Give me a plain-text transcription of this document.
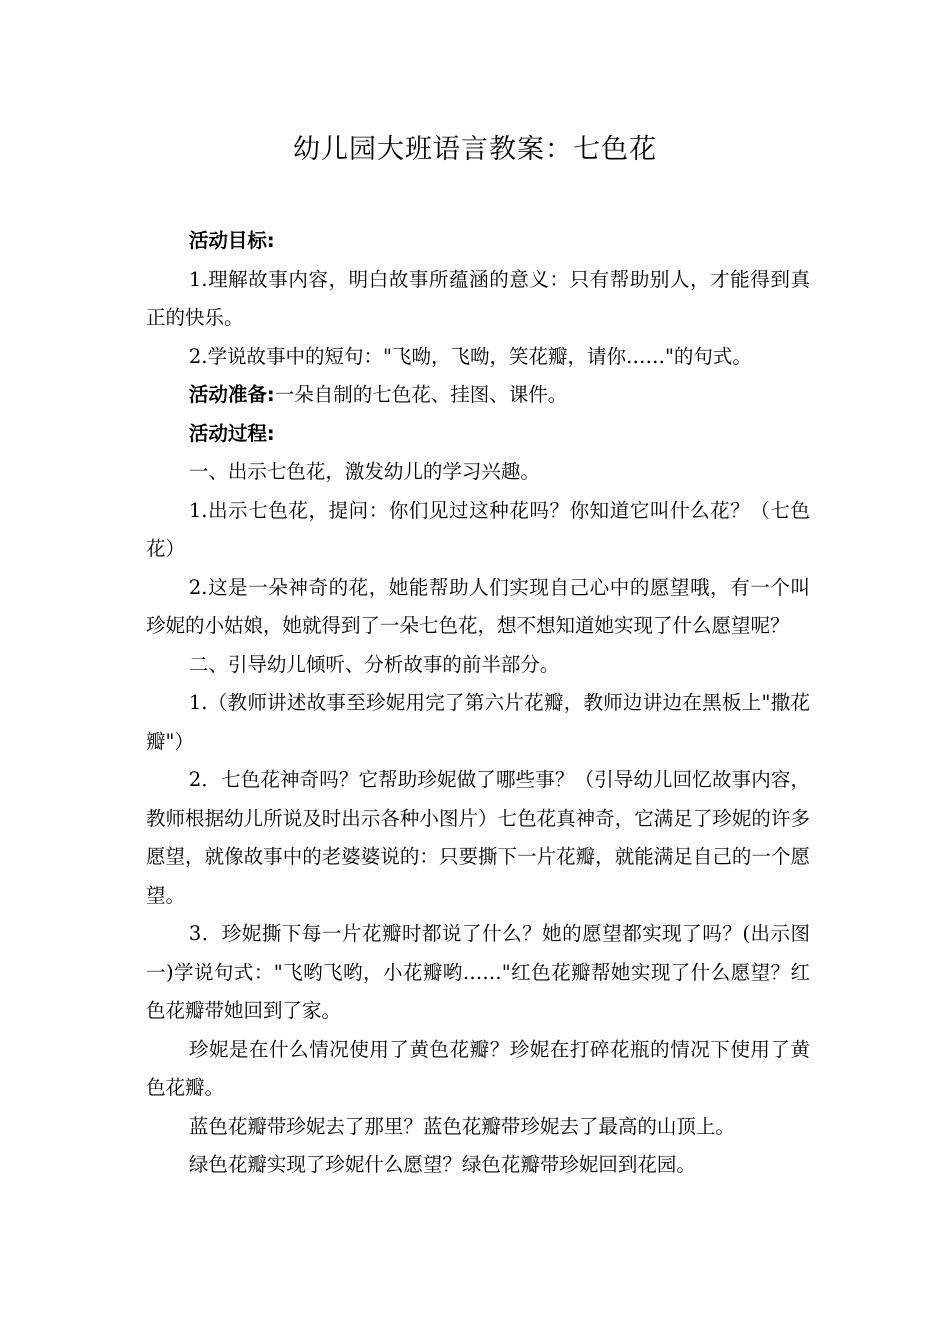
幼儿园大班语言教案：七色花

活动目标:

1.理解故事内容，明白故事所蕴涵的意义：只有帮助别人，才能得到真正的快乐。

2.学说故事中的短句："飞呦，飞呦，笑花瓣，请你……"的句式。

活动准备:一朵自制的七色花、挂图、课件。

活动过程:

一、出示七色花，激发幼儿的学习兴趣。

1.出示七色花，提问：你们见过这种花吗？你知道它叫什么花？（七色花）

2.这是一朵神奇的花，她能帮助人们实现自己心中的愿望哦，有一个叫珍妮的小姑娘，她就得到了一朵七色花，想不想知道她实现了什么愿望呢？

二、引导幼儿倾听、分析故事的前半部分。

1.（教师讲述故事至珍妮用完了第六片花瓣，教师边讲边在黑板上"撒花瓣"）

2．七色花神奇吗？它帮助珍妮做了哪些事？（引导幼儿回忆故事内容，教师根据幼儿所说及时出示各种小图片）七色花真神奇，它满足了珍妮的许多愿望，就像故事中的老婆婆说的：只要撕下一片花瓣，就能满足自己的一个愿望。

3．珍妮撕下每一片花瓣时都说了什么？她的愿望都实现了吗？(出示图一)学说句式："飞哟飞哟，小花瓣哟……"红色花瓣帮她实现了什么愿望？红色花瓣带她回到了家。

珍妮是在什么情况使用了黄色花瓣？珍妮在打碎花瓶的情况下使用了黄色花瓣。

蓝色花瓣带珍妮去了那里？蓝色花瓣带珍妮去了最高的山顶上。

绿色花瓣实现了珍妮什么愿望？绿色花瓣带珍妮回到花园。
